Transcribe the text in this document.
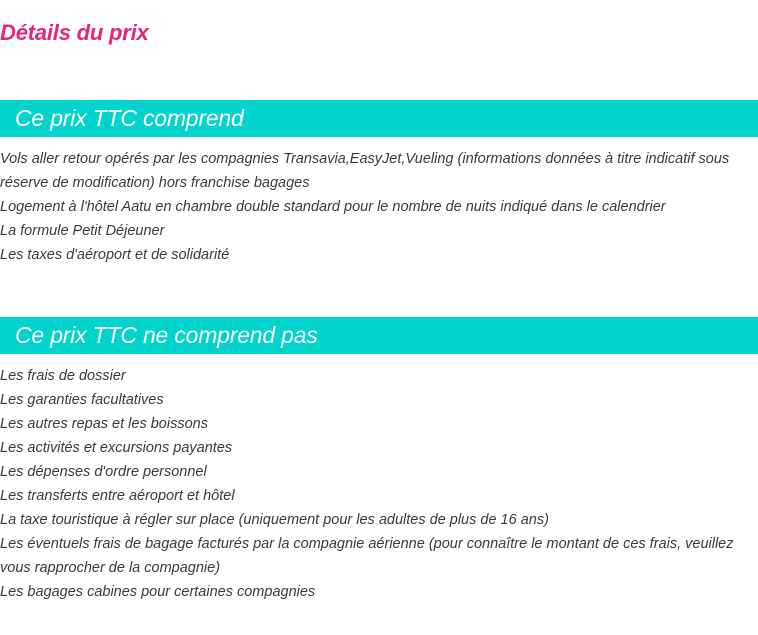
Détails du prix
Ce prix TTC comprend
Vols aller retour opérés par les compagnies Transavia,EasyJet,Vueling (informations données à titre indicatif sous réserve de modification) hors franchise bagages
Logement à l'hôtel Aatu en chambre double standard pour le nombre de nuits indiqué dans le calendrier
La formule Petit Déjeuner
Les taxes d'aéroport et de solidarité
Ce prix TTC ne comprend pas
Les frais de dossier
Les garanties facultatives
Les autres repas et les boissons
Les activités et excursions payantes
Les dépenses d'ordre personnel
Les transferts entre aéroport et hôtel
La taxe touristique à régler sur place (uniquement pour les adultes de plus de 16 ans)
Les éventuels frais de bagage facturés par la compagnie aérienne (pour connaître le montant de ces frais, veuillez vous rapprocher de la compagnie)
Les bagages cabines pour certaines compagnies
